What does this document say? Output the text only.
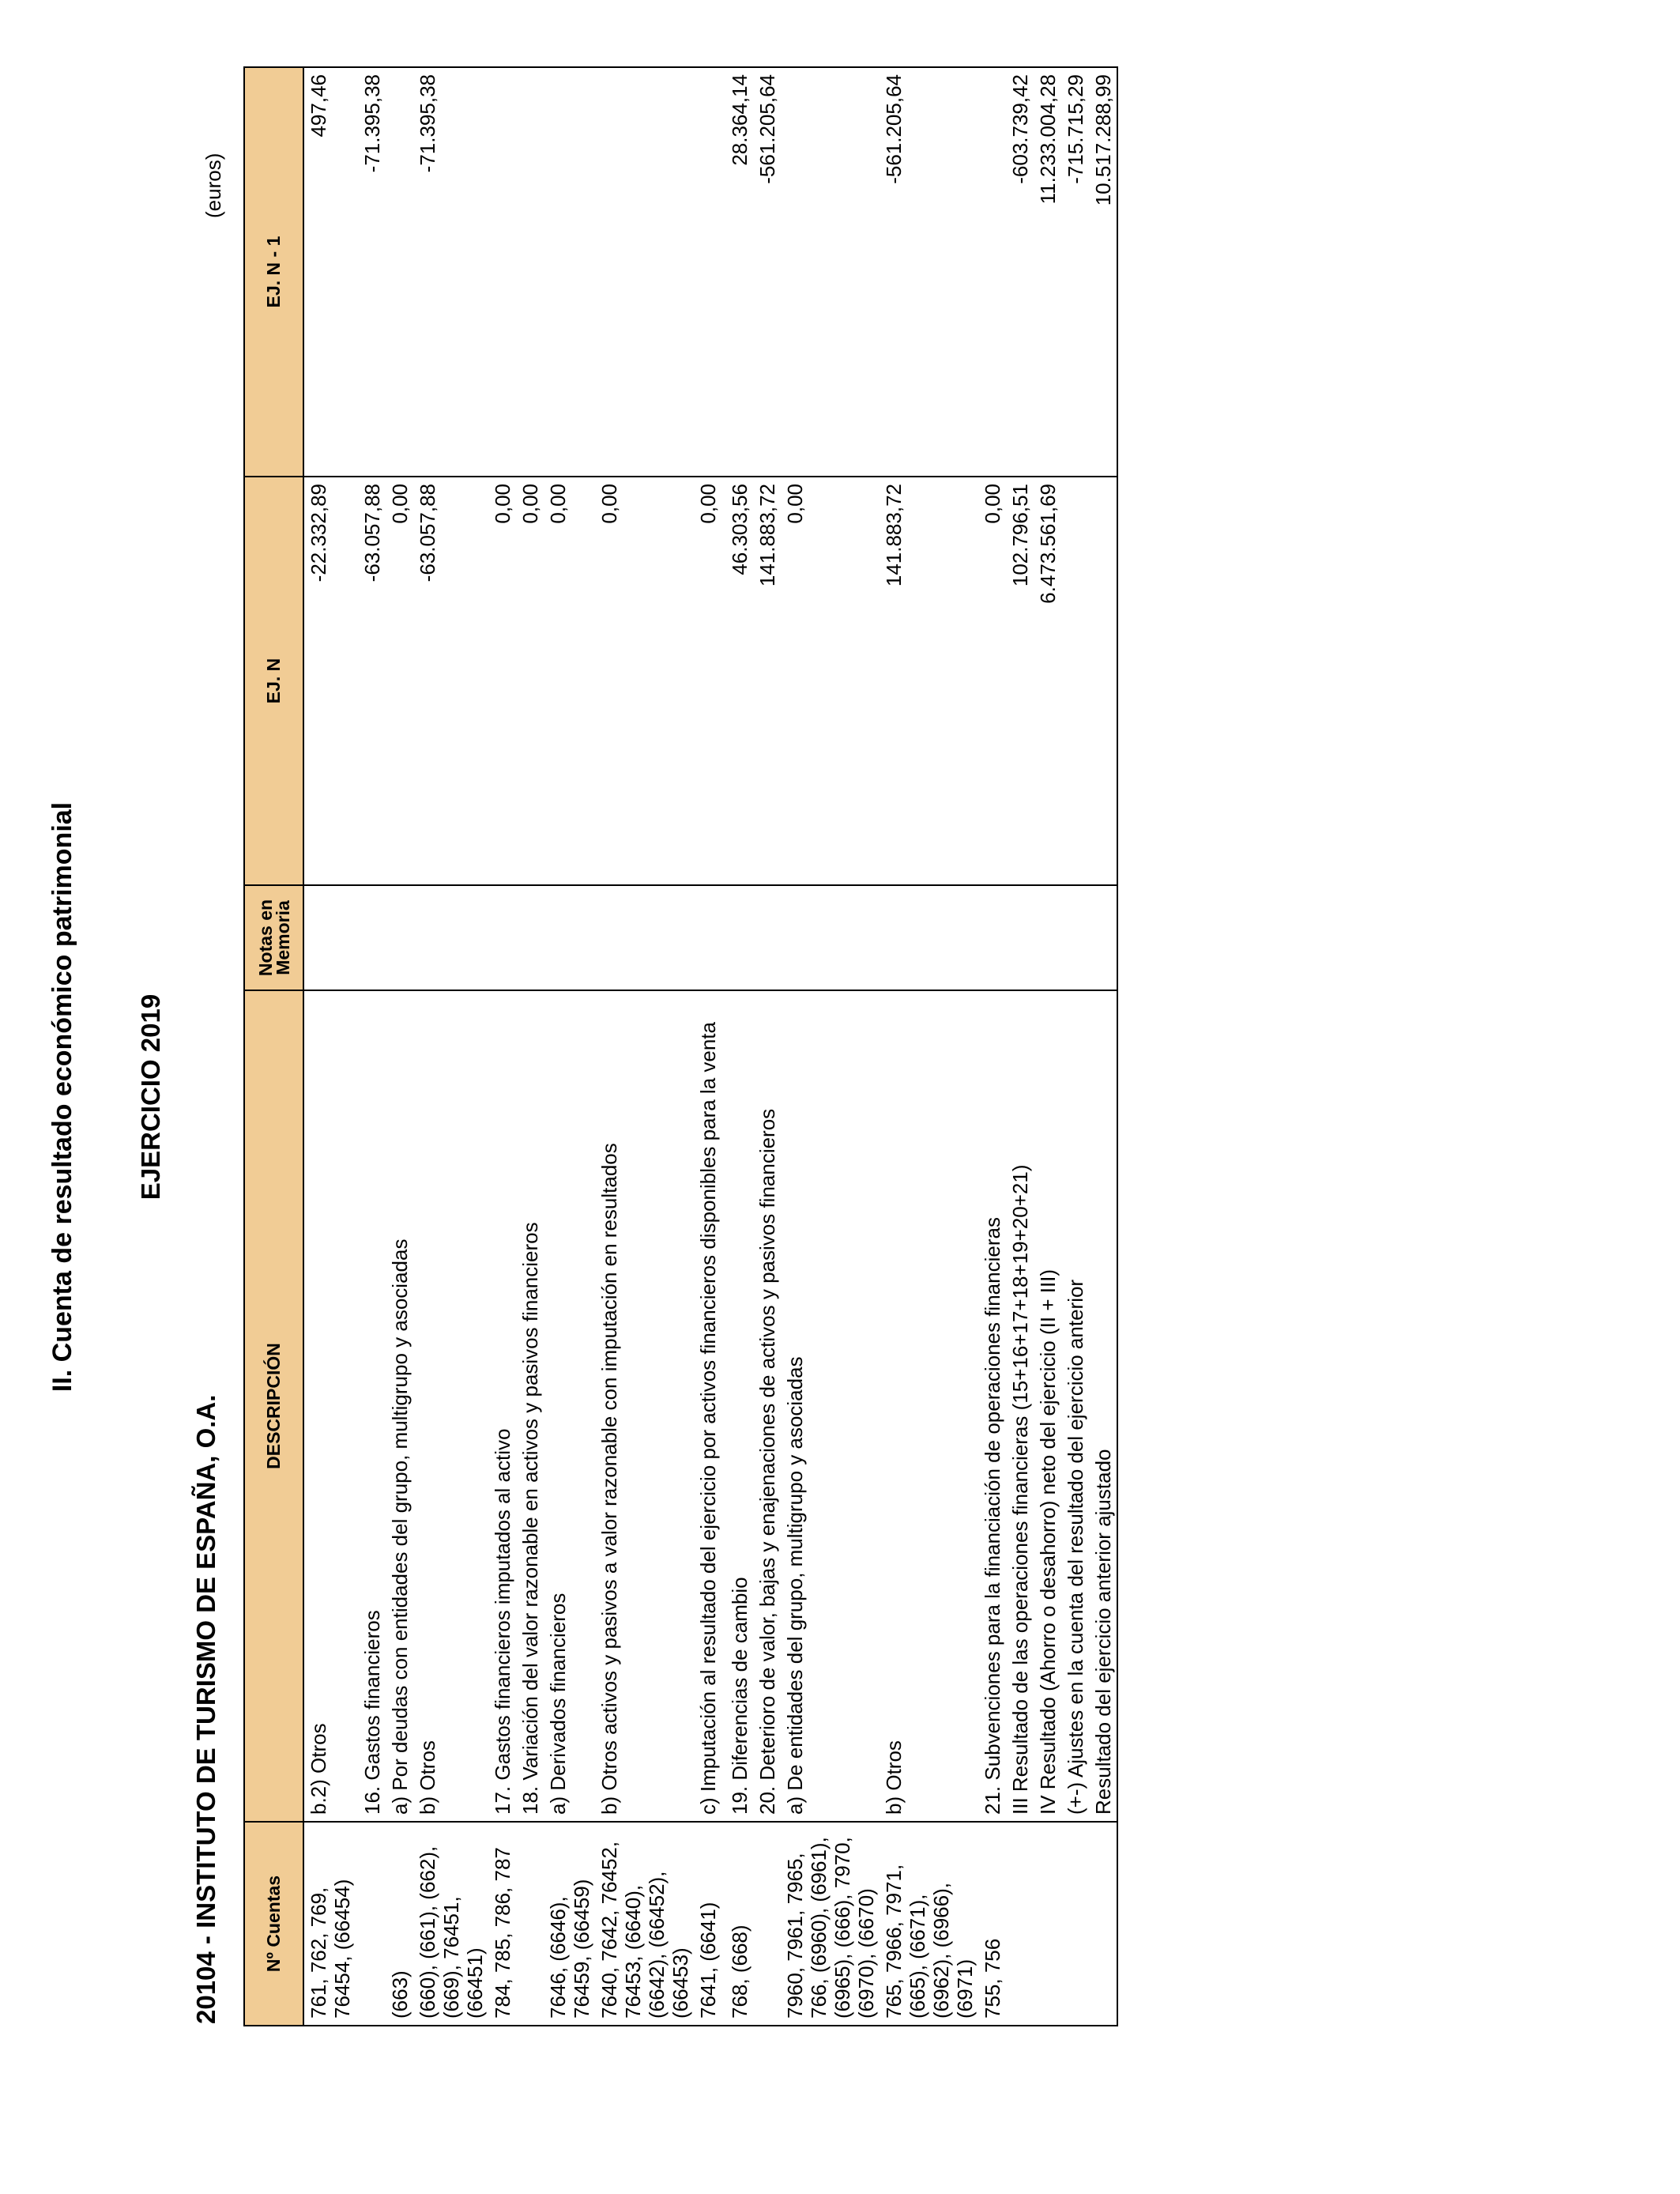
II. Cuenta de resultado económico patrimonial EJERCICIO 2019
20104 - INSTITUTO DE TURISMO DE ESPAÑA, O.A.
(euros)
Nº Cuentas	DESCRIPCIÓN	Notas en Memoria	EJ. N	EJ. N - 1
761, 762, 769, 76454, (66454)	b.2) Otros		-22.332,89	497,46
	16. Gastos financieros		-63.057,88	-71.395,38
(663)	a) Por deudas con entidades del grupo, multigrupo y asociadas		0,00	
(660), (661), (662), (669), 76451, (66451)	b) Otros		-63.057,88	-71.395,38
784, 785, 786, 787	17. Gastos financieros imputados al activo		0,00	
	18. Variación del valor razonable en activos y pasivos financieros		0,00	
7646, (6646), 76459, (66459)	a) Derivados financieros		0,00	
7640, 7642, 76452, 76453, (6640), (6642), (66452), (66453)	b) Otros activos y pasivos a valor razonable con imputación en resultados		0,00	
7641, (6641)	c) Imputación al resultado del ejercicio por activos financieros disponibles para la venta		0,00	
768, (668)	19. Diferencias de cambio		46.303,56	28.364,14
	20. Deterioro de valor, bajas y enajenaciones de activos y pasivos financieros		141.883,72	-561.205,64
7960, 7961, 7965, 766, (6960), (6961), (6965), (666), 7970, (6970), (6670)	a) De entidades del grupo, multigrupo y asociadas		0,00	
765, 7966, 7971, (665), (6671), (6962), (6966), (6971)	b) Otros		141.883,72	-561.205,64
755, 756	21. Subvenciones para la financiación de operaciones financieras		0,00	
	III Resultado de las operaciones financieras (15+16+17+18+19+20+21)		102.796,51	-603.739,42
	IV Resultado (Ahorro o desahorro) neto del ejercicio (II + III)		6.473.561,69	11.233.004,28
	(+-) Ajustes en la cuenta del resultado del ejercicio anterior			-715.715,29
	Resultado del ejercicio anterior ajustado			10.517.288,99
